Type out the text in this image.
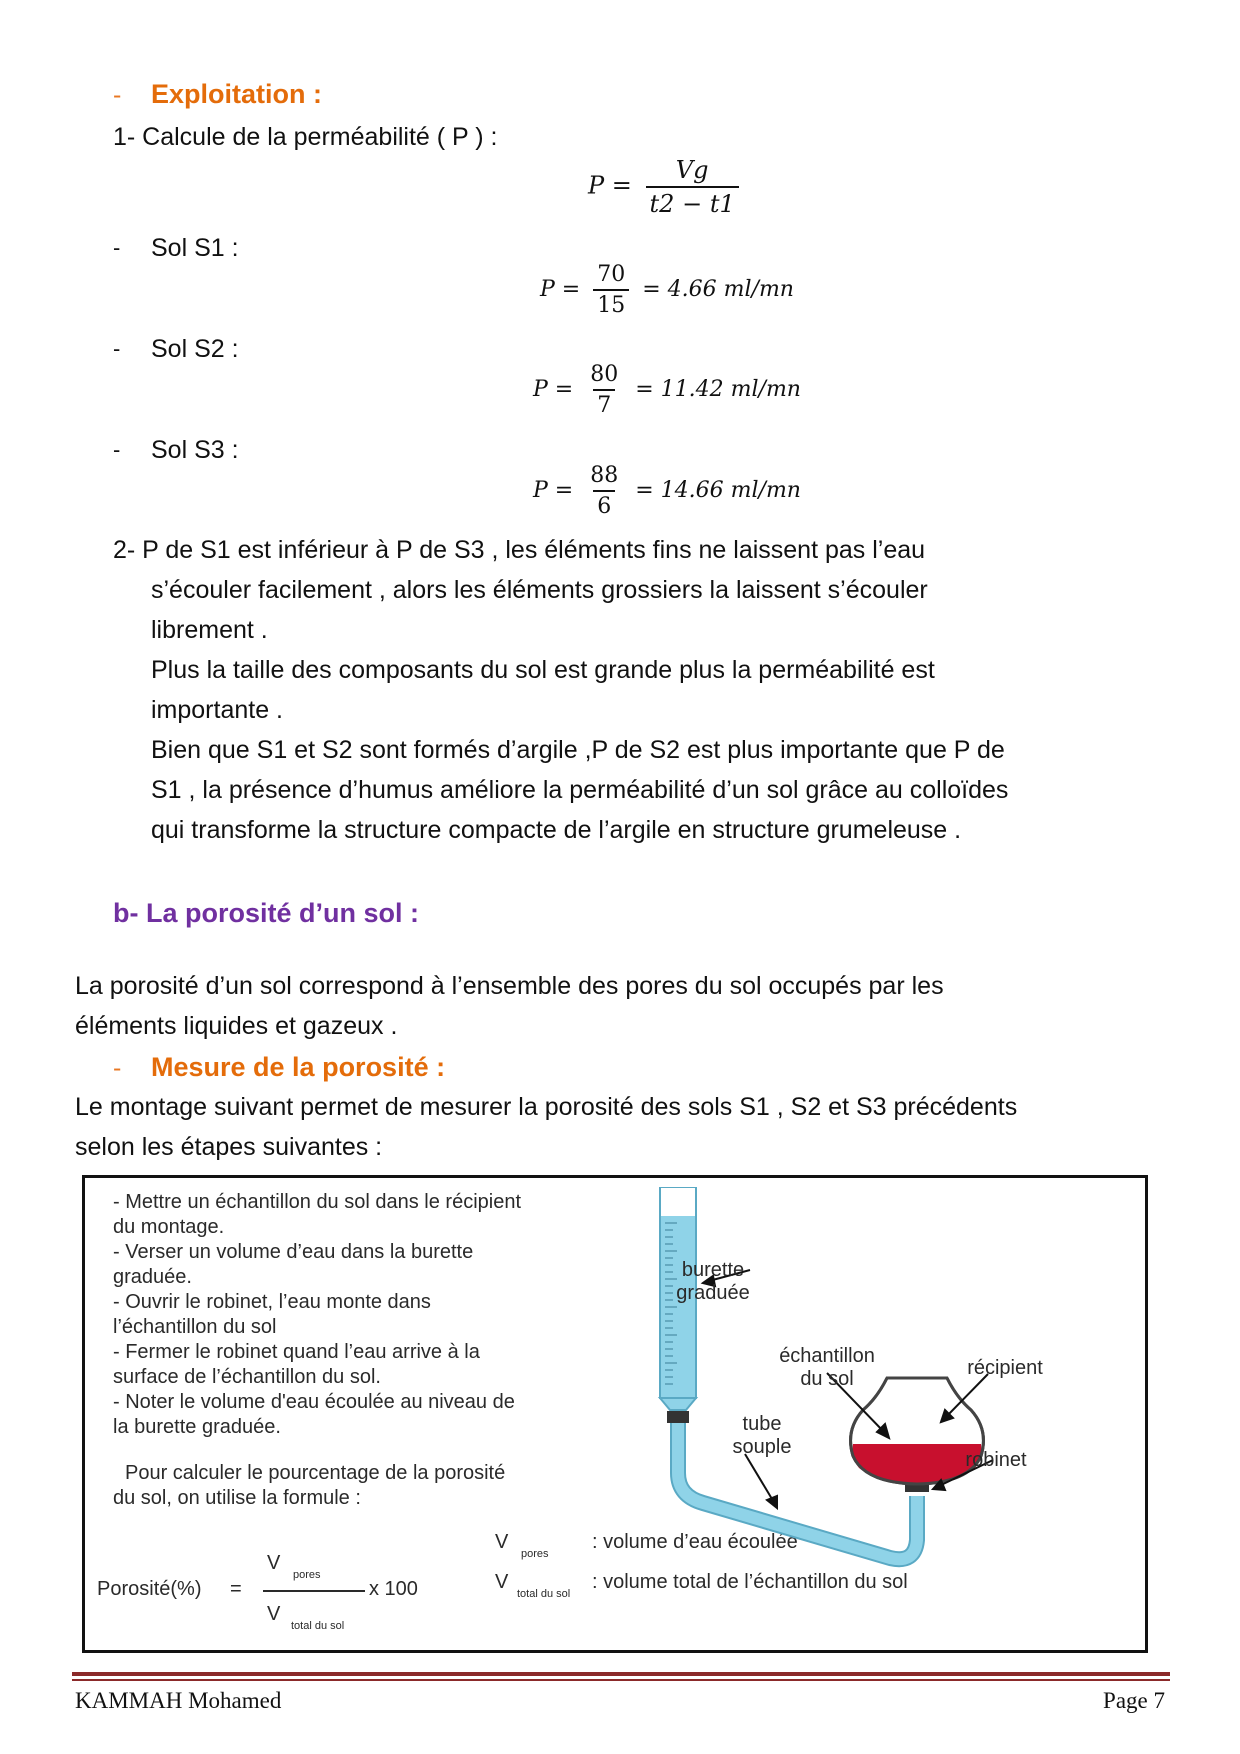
- Exploitation :
1- Calcule de la perméabilité ( P ) :
$P = \frac{Vg}{t2 - t1}$
- Sol S1 :
$P = \frac{70}{15} = 4.66$ ml/mn
- Sol S2 :
$P = \frac{80}{7} = 11.42$ ml/mn
- Sol S3 :
$P = \frac{88}{6} = 14.66$ ml/mn
2- P de S1 est inférieur à P de S3 , les éléments fins ne laissent pas l’eau
s’écouler facilement , alors les éléments grossiers la laissent s’écouler
librement .
Plus la taille des composants du sol est grande plus la perméabilité est
importante .
Bien que S1 et S2 sont formés d’argile ,P de S2 est plus importante que P de
S1 , la présence d’humus améliore la perméabilité d’un sol grâce au colloïdes
qui transforme la structure compacte de l’argile en structure grumeleuse .
b- La porosité d’un sol :
La porosité d’un sol correspond à l’ensemble des pores du sol occupés par les
éléments liquides et gazeux .
- Mesure de la porosité :
Le montage suivant permet de mesurer la porosité des sols S1 , S2 et S3 précédents
selon les étapes suivantes :
- Mettre un échantillon du sol dans le récipient
du montage.
- Verser un volume d’eau dans la burette
graduée.
- Ouvrir le robinet, l’eau monte dans
l’échantillon du sol
- Fermer le robinet quand l’eau arrive à la
surface de l’échantillon du sol.
- Noter le volume d'eau écoulée au niveau de
la burette graduée.
Pour calculer le pourcentage de la porosité
du sol, on utilise la formule :
Porosité(%) =
V
pores
V
total du sol
x 100
V
pores
: volume d’eau écoulée
V
total du sol
: volume total de l’échantillon du sol
burette
graduée
échantillon
du sol	récipient
tube
souple
robinet
KAMMAH Mohamed	Page 7
